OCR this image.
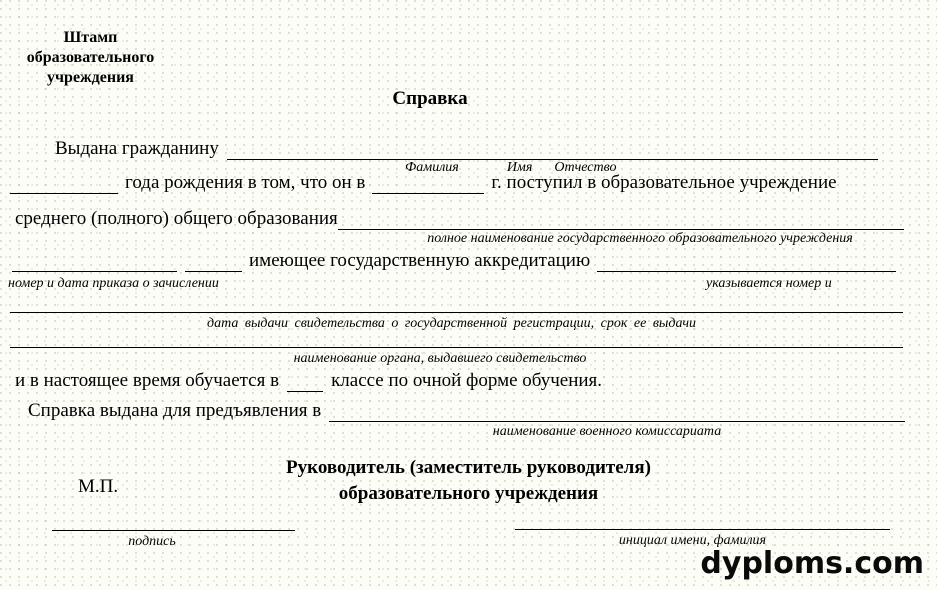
Штамп
образовательного
учреждения
Справка
Выдана гражданину
Фамилия	Имя Отчество
года рождения в том, что он в	г. поступил в образовательное учреждение
среднего (полного) общего образования
полное наименование государственного образовательного учреждения
имеющее государственную аккредитацию
номер и дата приказа о зачислении	указывается номер и
дата выдачи свидетельства о государственной регистрации, срок ее выдачи
наименование органа, выдавшего свидетельство
и в настоящее время обучается в	классе по очной форме обучения.
Справка выдана для предъявления в
наименование военного комиссариата
Руководитель (заместитель руководителя)
М.П.	образовательного учреждения
подпись	инициал имени, фамилия
dyploms.com
